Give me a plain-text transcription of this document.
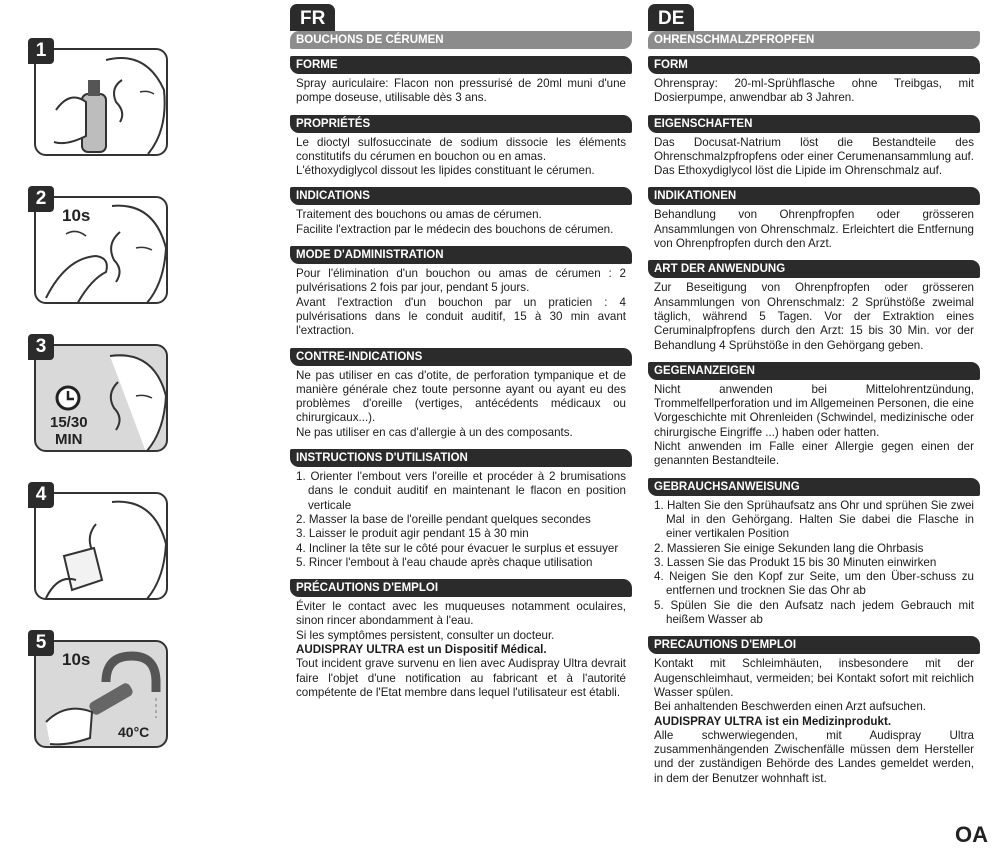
1
2
10s
3
15/30
MIN
4
5
10s
40°C
FR
BOUCHONS DE CÉRUMEN
FORME

Spray auriculaire: Flacon non pressurisé de 20ml muni d'une pompe doseuse, utilisable dès 3 ans.

PROPRIÉTÉS

Le dioctyl sulfosuccinate de sodium dissocie les éléments constitutifs du cérumen en bouchon ou en amas.

L'éthoxydiglycol dissout les lipides constituant le cérumen.

INDICATIONS

Traitement des bouchons ou amas de cérumen.

Facilite l'extraction par le médecin des bouchons de cérumen.

MODE D'ADMINISTRATION

Pour l'élimination d'un bouchon ou amas de cérumen : 2 pulvérisations 2 fois par jour, pendant 5 jours.

Avant l'extraction d'un bouchon par un praticien : 4 pulvérisations dans le conduit auditif, 15 à 30 min avant l'extraction.

CONTRE-INDICATIONS

Ne pas utiliser en cas d'otite, de perforation tympanique et de manière générale chez toute personne ayant ou ayant eu des problèmes d'oreille (vertiges, antécédents médicaux ou chirurgicaux...).

Ne pas utiliser en cas d'allergie à un des composants.

INSTRUCTIONS D'UTILISATION
1. Orienter l'embout vers l'oreille et procéder à 2 brumisations dans le conduit auditif en maintenant le flacon en position verticale
2. Masser la base de l'oreille pendant quelques secondes
3. Laisser le produit agir pendant 15 à 30 min
4. Incliner la tête sur le côté pour évacuer le surplus et essuyer
5. Rincer l'embout à l'eau chaude après chaque utilisation
PRÉCAUTIONS D'EMPLOI

Éviter le contact avec les muqueuses notamment oculaires, sinon rincer abondamment à l'eau.

Si les symptômes persistent, consulter un docteur.

AUDISPRAY ULTRA est un Dispositif Médical.

Tout incident grave survenu en lien avec Audispray Ultra devrait faire l'objet d'une notification au fabricant et à l'autorité compétente de l'Etat membre dans lequel l'utilisateur est établi.

DE
OHRENSCHMALZPFROPFEN
FORM

Ohrenspray: 20-ml-Sprühflasche ohne Treibgas, mit Dosierpumpe, anwendbar ab 3 Jahren.

EIGENSCHAFTEN

Das Docusat-Natrium löst die Bestandteile des Ohrenschmalzpfropfens oder einer Cerumenansammlung auf. Das Ethoxydiglycol löst die Lipide im Ohrenschmalz auf.

INDIKATIONEN

Behandlung von Ohrenpfropfen oder grösseren Ansammlungen von Ohrenschmalz. Erleichtert die Entfernung von Ohrenpfropfen durch den Arzt.

ART DER ANWENDUNG

Zur Beseitigung von Ohrenpfropfen oder grösseren Ansammlungen von Ohrenschmalz: 2 Sprühstöße zweimal täglich, während 5 Tagen. Vor der Extraktion eines Ceruminalpfropfens durch den Arzt: 15 bis 30 Min. vor der Behandlung 4 Sprühstöße in den Gehörgang geben.

GEGENANZEIGEN

Nicht anwenden bei Mittelohrentzündung, Trommelfellperforation und im Allgemeinen Personen, die eine Vorgeschichte mit Ohrenleiden (Schwindel, medizinische oder chirurgische Eingriffe ...) haben oder hatten.

Nicht anwenden im Falle einer Allergie gegen einen der genannten Bestandteile.

GEBRAUCHSANWEISUNG
1. Halten Sie den Sprühaufsatz ans Ohr und sprühen Sie zwei Mal in den Gehörgang. Halten Sie dabei die Flasche in einer vertikalen Position
2. Massieren Sie einige Sekunden lang die Ohrbasis
3. Lassen Sie das Produkt 15 bis 30 Minuten einwirken
4. Neigen Sie den Kopf zur Seite, um den Über-schuss zu entfernen und trocknen Sie das Ohr ab
5. Spülen Sie die den Aufsatz nach jedem Gebrauch mit heißem Wasser ab
PRECAUTIONS D'EMPLOI

Kontakt mit Schleimhäuten, insbesondere mit der Augenschleimhaut, vermeiden; bei Kontakt sofort mit reichlich Wasser spülen.

Bei anhaltenden Beschwerden einen Arzt aufsuchen.

AUDISPRAY ULTRA ist ein Medizinprodukt.

Alle schwerwiegenden, mit Audispray Ultra zusammenhängenden Zwischenfälle müssen dem Hersteller und der zuständigen Behörde des Landes gemeldet werden, in dem der Benutzer wohnhaft ist.

OA
